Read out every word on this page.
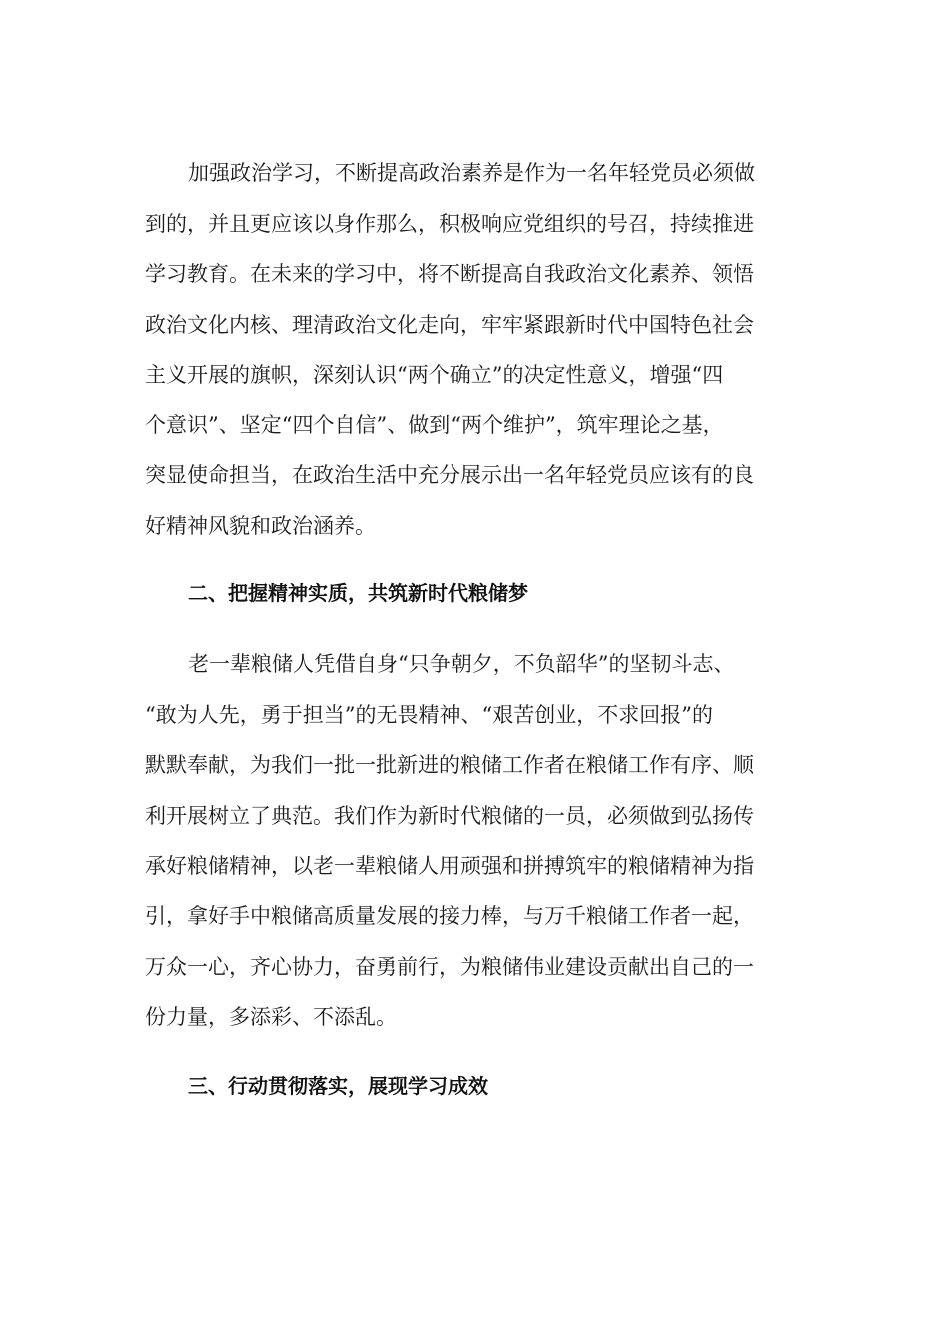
加强政治学习，不断提高政治素养是作为一名年轻党员必须做
到的，并且更应该以身作那么，积极响应党组织的号召，持续推进
学习教育。在未来的学习中，将不断提高自我政治文化素养、领悟
政治文化内核、理清政治文化走向，牢牢紧跟新时代中国特色社会
主义开展的旗帜，深刻认识“两个确立”的决定性意义，增强“四
个意识”、坚定“四个自信”、做到“两个维护”，筑牢理论之基，
突显使命担当，在政治生活中充分展示出一名年轻党员应该有的良
好精神风貌和政治涵养。
二、把握精神实质，共筑新时代粮储梦
老一辈粮储人凭借自身“只争朝夕，不负韶华”的坚韧斗志、
“敢为人先，勇于担当”的无畏精神、“艰苦创业，不求回报”的
默默奉献，为我们一批一批新进的粮储工作者在粮储工作有序、顺
利开展树立了典范。我们作为新时代粮储的一员，必须做到弘扬传
承好粮储精神，以老一辈粮储人用顽强和拼搏筑牢的粮储精神为指
引，拿好手中粮储高质量发展的接力棒，与万千粮储工作者一起，
万众一心，齐心协力，奋勇前行，为粮储伟业建设贡献出自己的一
份力量，多添彩、不添乱。
三、行动贯彻落实，展现学习成效
